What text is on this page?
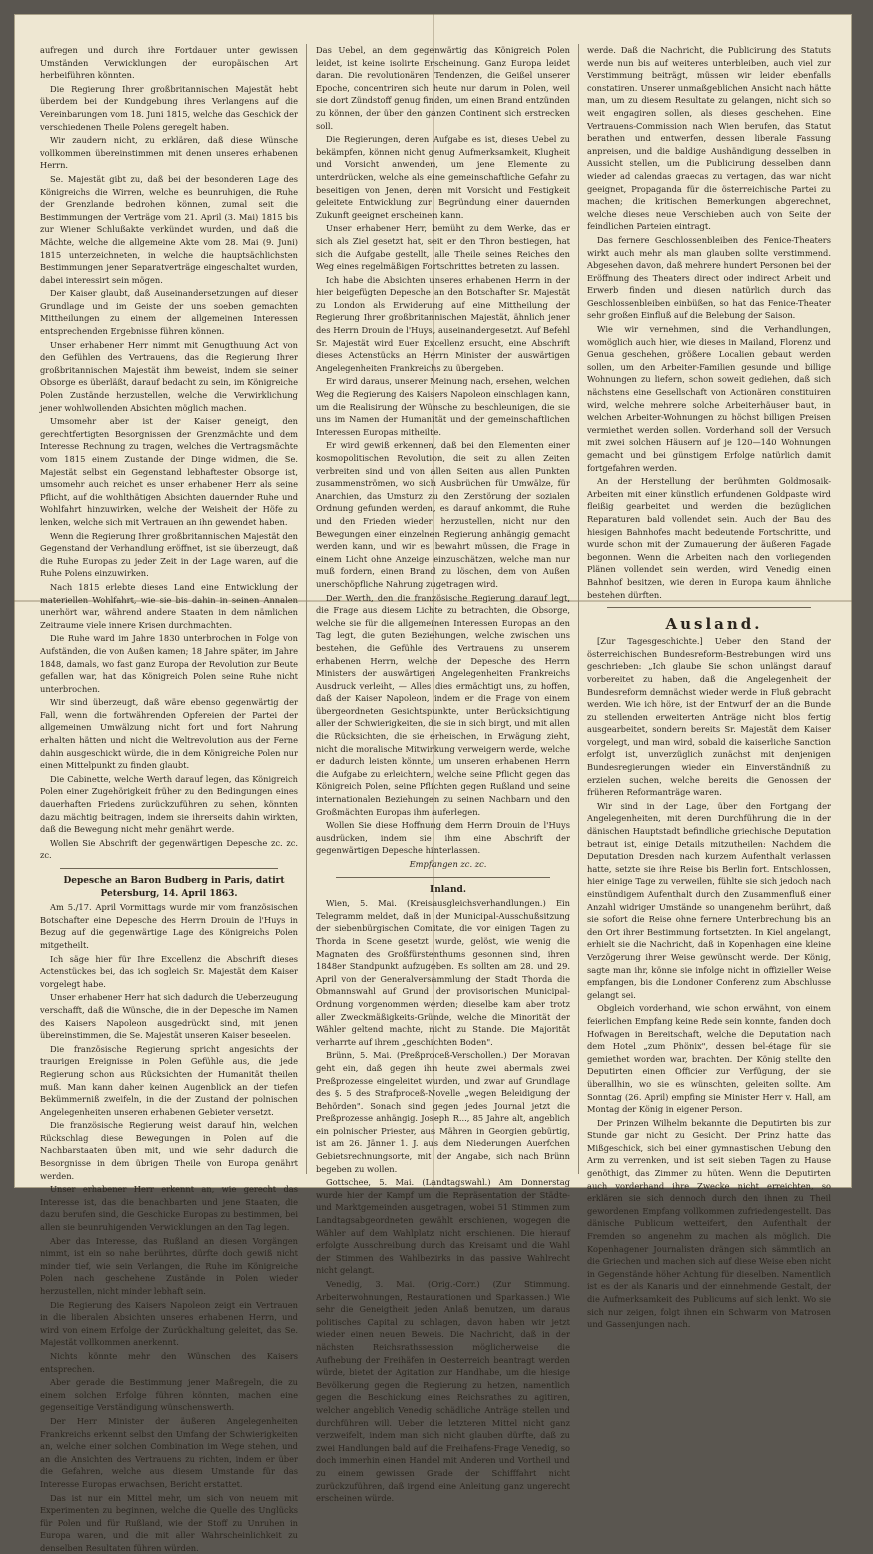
aufregen und durch ihre Fortdauer unter gewissen Umständen Verwicklungen der europäischen Art herbeiführen könnten.

Die Regierung Ihrer großbritannischen Majestät hebt überdem bei der Kundgebung ihres Verlangens auf die Vereinbarungen vom 18. Juni 1815, welche das Geschick der verschiedenen Theile Polens geregelt haben.

Wir zaudern nicht, zu erklären, daß diese Wünsche vollkommen übereinstimmen mit denen unseres erhabenen Herrn.

Se. Majestät gibt zu, daß bei der besonderen Lage des Königreichs die Wirren, welche es beunruhigen, die Ruhe der Grenzlande bedrohen können, zumal seit die Bestimmungen der Verträge vom 21. April (3. Mai) 1815 bis zur Wiener Schlußakte verkündet wurden, und daß die Mächte, welche die allgemeine Akte vom 28. Mai (9. Juni) 1815 unterzeichneten, in welche die hauptsächlichsten Bestimmungen jener Separatverträge eingeschaltet wurden, dabei interessirt sein mögen.

Der Kaiser glaubt, daß Auseinandersetzungen auf dieser Grundlage und im Geiste der uns soeben gemachten Mittheilungen zu einem der allgemeinen Interessen entsprechenden Ergebnisse führen können.

Unser erhabener Herr nimmt mit Genugthuung Act von den Gefühlen des Vertrauens, das die Regierung Ihrer großbritannischen Majestät ihm beweist, indem sie seiner Obsorge es überläßt, darauf bedacht zu sein, im Königreiche Polen Zustände herzustellen, welche die Verwirklichung jener wohlwollenden Absichten möglich machen.

Umsomehr aber ist der Kaiser geneigt, den gerechtfertigten Besorgnissen der Grenzmächte und dem Interesse Rechnung zu tragen, welches die Vertragsmächte vom 1815 einem Zustande der Dinge widmen, die Se. Majestät selbst ein Gegenstand lebhaftester Obsorge ist, umsomehr auch reichet es unser erhabener Herr als seine Pflicht, auf die wohlthätigen Absichten dauernder Ruhe und Wohlfahrt hinzuwirken, welche der Weisheit der Höfe zu lenken, welche sich mit Vertrauen an ihn gewendet haben.

Wenn die Regierung Ihrer großbritannischen Majestät den Gegenstand der Verhandlung eröffnet, ist sie überzeugt, daß die Ruhe Europas zu jeder Zeit in der Lage waren, auf die Ruhe Polens einzuwirken.

Nach 1815 erlebte dieses Land eine Entwicklung der materiellen Wohlfahrt, wie sie bis dahin in seinen Annalen unerhört war, während andere Staaten in dem nämlichen Zeitraume viele innere Krisen durchmachten.

Die Ruhe ward im Jahre 1830 unterbrochen in Folge von Aufständen, die von Außen kamen; 18 Jahre später, im Jahre 1848, damals, wo fast ganz Europa der Revolution zur Beute gefallen war, hat das Königreich Polen seine Ruhe nicht unterbrochen.

Wir sind überzeugt, daß wäre ebenso gegenwärtig der Fall, wenn die fortwährenden Opfereien der Partei der allgemeinen Umwälzung nicht fort und fort Nahrung erhalten hätten und nicht die Weltrevolution aus der Ferne dahin ausgeschickt würde, die in dem Königreiche Polen nur einen Mittelpunkt zu finden glaubt.

Die Cabinette, welche Werth darauf legen, das Königreich Polen einer Zugehörigkeit früher zu den Bedingungen eines dauerhaften Friedens zurückzuführen zu sehen, könnten dazu mächtig beitragen, indem sie ihrerseits dahin wirkten, daß die Bewegung nicht mehr genährt werde.

Wollen Sie Abschrift der gegenwärtigen Depesche zc. zc. zc.

Depesche an Baron Budberg in Paris, datirt Petersburg, 14. April 1863.

Am 5./17. April Vormittags wurde mir vom französischen Botschafter eine Depesche des Herrn Drouin de l'Huys in Bezug auf die gegenwärtige Lage des Königreichs Polen mitgetheilt.

Ich säge hier für Ihre Excellenz die Abschrift dieses Actenstückes bei, das ich sogleich Sr. Majestät dem Kaiser vorgelegt habe.

Unser erhabener Herr hat sich dadurch die Ueberzeugung verschafft, daß die Wünsche, die in der Depesche im Namen des Kaisers Napoleon ausgedrückt sind, mit jenen übereinstimmen, die Se. Majestät unseren Kaiser beseelen.

Die französische Regierung spricht angesichts der traurigen Ereignisse in Polen Gefühle aus, die jede Regierung schon aus Rücksichten der Humanität theilen muß. Man kann daher keinen Augenblick an der tiefen Bekümmerniß zweifeln, in die der Zustand der polnischen Angelegenheiten unseren erhabenen Gebieter versetzt.

Die französische Regierung weist darauf hin, welchen Rückschlag diese Bewegungen in Polen auf die Nachbarstaaten üben mit, und wie sehr dadurch die Besorgnisse in dem übrigen Theile von Europa genährt werden.

Unser erhabener Herr erkennt an, wie gerecht das Interesse ist, das die benachbarten und jene Staaten, die dazu berufen sind, die Geschicke Europas zu bestimmen, bei allen sie beunruhigenden Verwicklungen an den Tag legen.

Aber das Interesse, das Rußland an diesen Vorgängen nimmt, ist ein so nahe berührtes, dürfte doch gewiß nicht minder tief, wie sein Verlangen, die Ruhe im Königreiche Polen nach geschehene Zustände in Polen wieder herzustellen, nicht minder lebhaft sein.

Die Regierung des Kaisers Napoleon zeigt ein Vertrauen in die liberalen Absichten unseres erhabenen Herrn, und wird von einem Erfolge der Zurückhaltung geleitet, das Se. Majestät vollkommen anerkennt.

Nichts könnte mehr den Wünschen des Kaisers entsprechen.

Aber gerade die Bestimmung jener Maßregeln, die zu einem solchen Erfolge führen könnten, machen eine gegenseitige Verständigung wünschenswerth.

Der Herr Minister der äußeren Angelegenheiten Frankreichs erkennt selbst den Umfang der Schwierigkeiten an, welche einer solchen Combination im Wege stehen, und an die Ansichten des Vertrauens zu richten, indem er über die Gefahren, welche aus diesem Umstande für das Interesse Europas erwachsen, Bericht erstattet.

Das ist nur ein Mittel mehr, um sich von neuem mit Experimenten zu beginnen, welche die Quelle des Unglücks für Polen und für Rußland, wie der Stoff zu Unruhen in Europa waren, und die mit aller Wahrscheinlichkeit zu denselben Resultaten führen würden.

Das Uebel, an dem gegenwärtig das Königreich Polen leidet, ist keine isolirte Erscheinung. Ganz Europa leidet daran. Die revolutionären Tendenzen, die Geißel unserer Epoche, concentriren sich heute nur darum in Polen, weil sie dort Zündstoff genug finden, um einen Brand entzünden zu können, der über den ganzen Continent sich erstrecken soll.

Die Regierungen, deren Aufgabe es ist, dieses Uebel zu bekämpfen, können nicht genug Aufmerksamkeit, Klugheit und Vorsicht anwenden, um jene Elemente zu unterdrücken, welche als eine gemeinschaftliche Gefahr zu beseitigen von Jenen, deren mit Vorsicht und Festigkeit geleitete Entwicklung zur Begründung einer dauernden Zukunft geeignet erscheinen kann.

Unser erhabener Herr, bemüht zu dem Werke, das er sich als Ziel gesetzt hat, seit er den Thron bestiegen, hat sich die Aufgabe gestellt, alle Theile seines Reiches den Weg eines regelmäßigen Fortschrittes betreten zu lassen.

Ich habe die Absichten unseres erhabenen Herrn in der hier beigefügten Depesche an den Botschafter Sr. Majestät zu London als Erwiderung auf eine Mittheilung der Regierung Ihrer großbritannischen Majestät, ähnlich jener des Herrn Drouin de l'Huys, auseinandergesetzt. Auf Befehl Sr. Majestät wird Euer Excellenz ersucht, eine Abschrift dieses Actenstücks an Herrn Minister der auswärtigen Angelegenheiten Frankreichs zu übergeben.

Er wird daraus, unserer Meinung nach, ersehen, welchen Weg die Regierung des Kaisers Napoleon einschlagen kann, um die Realisirung der Wünsche zu beschleunigen, die sie uns im Namen der Humanität und der gemeinschaftlichen Interessen Europas mitheilte.

Er wird gewiß erkennen, daß bei den Elementen einer kosmopolitischen Revolution, die seit zu allen Zeiten verbreiten sind und von allen Seiten aus allen Punkten zusammenströmen, wo sich Ausbrüchen für Umwälze, für Anarchien, das Umsturz zu den Zerstörung der sozialen Ordnung gefunden werden, es darauf ankommt, die Ruhe und den Frieden wieder herzustellen, nicht nur den Bewegungen einer einzelnen Regierung anhängig gemacht werden kann, und wir es bewahrt müssen, die Frage in einem Licht ohne Anzeige einzuschätzen, welche man nur muß fordern, einen Brand zu löschen, dem von Außen unerschöpfliche Nahrung zugetragen wird.

Der Werth, den die französische Regierung darauf legt, die Frage aus diesem Lichte zu betrachten, die Obsorge, welche sie für die allgemeinen Interessen Europas an den Tag legt, die guten Beziehungen, welche zwischen uns bestehen, die Gefühle des Vertrauens zu unserem erhabenen Herrn, welche der Depesche des Herrn Ministers der auswärtigen Angelegenheiten Frankreichs Ausdruck verleiht, — Alles dies ermächtigt uns, zu hoffen, daß der Kaiser Napoleon, indem er die Frage von einem übergeordneten Gesichtspunkte, unter Berücksichtigung aller der Schwierigkeiten, die sie in sich birgt, und mit allen die Rücksichten, die sie erheischen, in Erwägung zieht, nicht die moralische Mitwirkung verweigern werde, welche er dadurch leisten könnte, um unseren erhabenen Herrn die Aufgabe zu erleichtern, welche seine Pflicht gegen das Königreich Polen, seine Pflichten gegen Rußland und seine internationalen Beziehungen zu seinen Nachbarn und den Großmächten Europas ihm auferlegen.

Wollen Sie diese Hoffnung dem Herrn Drouin de l'Huys ausdrücken, indem sie ihm eine Abschrift der gegenwärtigen Depesche hinterlassen.

Empfangen zc. zc.

Inland.

Wien, 5. Mai. (Kreisausgleichsverhandlungen.) Ein Telegramm meldet, daß in der Municipal-Ausschußsitzung der siebenbürgischen Comitate, die vor einigen Tagen zu Thorda in Scene gesetzt wurde, gelöst, wie wenig die Magnaten des Großfürstenthums gesonnen sind, ihren 1848er Standpunkt aufzugeben. Es sollten am 28. und 29. April von der Generalversammlung der Stadt Thorda die Obmannswahl auf Grund der provisorischen Municipal-Ordnung vorgenommen werden; dieselbe kam aber trotz aller Zweckmäßigkeits-Gründe, welche die Minorität der Wähler geltend machte, nicht zu Stande. Die Majorität verharrte auf ihrem „geschichten Boden".

Brünn, 5. Mai. (Preßproceß-Verschollen.) Der Moravan geht ein, daß gegen ihn heute zwei abermals zwei Preßprozesse eingeleitet wurden, und zwar auf Grundlage des §. 5 des Strafproceß-Novelle „wegen Beleidigung der Behörden". Sonach sind gegen jedes Journal jetzt die Preßprozesse anhängig. Joseph R..., 85 Jahre alt, angeblich ein polnischer Priester, aus Mähren in Georgien gebürtig, ist am 26. Jänner 1. J. aus dem Niederungen Auerfchen Gebietsrechnungsorte, mit der Angabe, sich nach Brünn begeben zu wollen.

Gottschee, 5. Mai. (Landtagswahl.) Am Donnerstag wurde hier der Kampf um die Repräsentation der Städte- und Marktgemeinden ausgetragen, wobei 51 Stimmen zum Landtagsabgeordneten gewählt erschienen, wogegen die Wähler auf dem Wahlplatz nicht erschienen. Die hierauf erfolgte Ausschreibung durch das Kreisamt und die Wahl der Stimmen des Wahlbezirks in das passive Wahlrecht nicht gelangt.

Venedig, 3. Mai. (Orig.-Corr.) (Zur Stimmung. Arbeiterwohnungen, Restaurationen und Sparkassen.) Wie sehr die Geneigtheit jeden Anlaß benutzen, um daraus politisches Capital zu schlagen, davon haben wir jetzt wieder einen neuen Beweis. Die Nachricht, daß in der nächsten Reichsrathssession möglicherweise die Aufhebung der Freihäfen in Oesterreich beantragt werden würde, bietet der Agitation zur Handhabe, um die hiesige Bevölkerung gegen die Regierung zu hetzen, namentlich gegen die Beschickung eines Reichsrathes zu agitiren, welcher angeblich Venedig schädliche Anträge stellen und durchführen will. Ueber die letzteren Mittel nicht ganz verzweifelt, indem man sich nicht glauben dürfte, daß zu zwei Handlungen bald auf die Freihafens-Frage Venedig, so doch immerhin einen Handel mit Anderen und Vortheil und zu einem gewissen Grade der Schifffahrt nicht zurückzuführen, daß irgend eine Anleitung ganz ungerecht erscheinen würde.

werde. Daß die Nachricht, die Publicirung des Statuts werde nun bis auf weiteres unterbleiben, auch viel zur Verstimmung beiträgt, müssen wir leider ebenfalls constatiren. Unserer unmaßgeblichen Ansicht nach hätte man, um zu diesem Resultate zu gelangen, nicht sich so weit engagiren sollen, als dieses geschehen. Eine Vertrauens-Commission nach Wien berufen, das Statut berathen und entwerfen, dessen liberale Fassung anpreisen, und die baldige Aushändigung desselben in Aussicht stellen, um die Publicirung desselben dann wieder ad calendas graecas zu vertagen, das war nicht geeignet, Propaganda für die österreichische Partei zu machen; die kritischen Bemerkungen abgerechnet, welche dieses neue Verschieben auch von Seite der feindlichen Parteien eintragt.

Das fernere Geschlossenbleiben des Fenice-Theaters wirkt auch mehr als man glauben sollte verstimmend. Abgesehen davon, daß mehrere hundert Personen bei der Eröffnung des Theaters direct oder indirect Arbeit und Erwerb finden und diesen natürlich durch das Geschlossenbleiben einbüßen, so hat das Fenice-Theater sehr großen Einfluß auf die Belebung der Saison.

Wie wir vernehmen, sind die Verhandlungen, womöglich auch hier, wie dieses in Mailand, Florenz und Genua geschehen, größere Localien gebaut werden sollen, um den Arbeiter-Familien gesunde und billige Wohnungen zu liefern, schon soweit gediehen, daß sich nächstens eine Gesellschaft von Actionären constituiren wird, welche mehrere solche Arbeiterhäuser baut, in welchen Arbeiter-Wohnungen zu höchst billigen Preisen vermiethet werden sollen. Vorderhand soll der Versuch mit zwei solchen Häusern auf je 120—140 Wohnungen gemacht und bei günstigem Erfolge natürlich damit fortgefahren werden.

An der Herstellung der berühmten Goldmosaik-Arbeiten mit einer künstlich erfundenen Goldpaste wird fleißig gearbeitet und werden die bezüglichen Reparaturen bald vollendet sein. Auch der Bau des hiesigen Bahnhofes macht bedeutende Fortschritte, und wurde schon mit der Zumauerung der äußeren Fagade begonnen. Wenn die Arbeiten nach den vorliegenden Plänen vollendet sein werden, wird Venedig einen Bahnhof besitzen, wie deren in Europa kaum ähnliche bestehen dürften.

Ausland.

[Zur Tagesgeschichte.] Ueber den Stand der österreichischen Bundesreform-Bestrebungen wird uns geschrieben: „Ich glaube Sie schon unlängst darauf vorbereitet zu haben, daß die Angelegenheit der Bundesreform demnächst wieder werde in Fluß gebracht werden. Wie ich höre, ist der Entwurf der an die Bunde zu stellenden erweiterten Anträge nicht blos fertig ausgearbeitet, sondern bereits Sr. Majestät dem Kaiser vorgelegt, und man wird, sobald die kaiserliche Sanction erfolgt ist, unverzüglich zunächst mit denjenigen Bundesregierungen wieder ein Einverständniß zu erzielen suchen, welche bereits die Genossen der früheren Reformanträge waren.

Wir sind in der Lage, über den Fortgang der Angelegenheiten, mit deren Durchführung die in der dänischen Hauptstadt befindliche griechische Deputation betraut ist, einige Details mitzutheilen: Nachdem die Deputation Dresden nach kurzem Aufenthalt verlassen hatte, setzte sie ihre Reise bis Berlin fort. Entschlossen, hier einige Tage zu verweilen, fühlte sie sich jedoch nach einstündigem Aufenthalt durch den Zusammenfluß einer Anzahl widriger Umstände so unangenehm berührt, daß sie sofort die Reise ohne fernere Unterbrechung bis an den Ort ihrer Bestimmung fortsetzten. In Kiel angelangt, erhielt sie die Nachricht, daß in Kopenhagen eine kleine Verzögerung ihrer Weise gewünscht werde. Der König, sagte man ihr, könne sie infolge nicht in offizieller Weise empfangen, bis die Londoner Conferenz zum Abschlusse gelangt sei.

Obgleich vorderhand, wie schon erwähnt, von einem feierlichen Empfang keine Rede sein konnte, fanden doch Hofwagen in Bereitschaft, welche die Deputation nach dem Hotel „zum Phönix", dessen bel-étage für sie gemiethet worden war, brachten. Der König stellte den Deputirten einen Officier zur Verfügung, der sie überallhin, wo sie es wünschten, geleiten sollte. Am Sonntag (26. April) empfing sie Minister Herr v. Hall, am Montag der König in eigener Person.

Der Prinzen Wilhelm bekannte die Deputirten bis zur Stunde gar nicht zu Gesicht. Der Prinz hatte das Mißgeschick, sich bei einer gymnastischen Uebung den Arm zu verrenken, und ist seit sieben Tagen zu Hause genöthigt, das Zimmer zu hüten. Wenn die Deputirten auch vorderhand ihre Zwecke nicht erreichten, so erklären sie sich dennoch durch den ihnen zu Theil gewordenen Empfang vollkommen zufriedengestellt. Das dänische Publicum wetteifert, den Aufenthalt der Fremden so angenehm zu machen als möglich. Die Kopenhagener Journalisten drängen sich sämmtlich an die Griechen und machen sich auf diese Weise eben nicht in Gegenstände höher Achtung für dieselben. Namentlich ist es der als Kanaris und der einnehmende Gestalt, der die Aufmerksamkeit des Publicums auf sich lenkt. Wo sie sich nur zeigen, folgt ihnen ein Schwarm von Matrosen und Gassenjungen nach.
